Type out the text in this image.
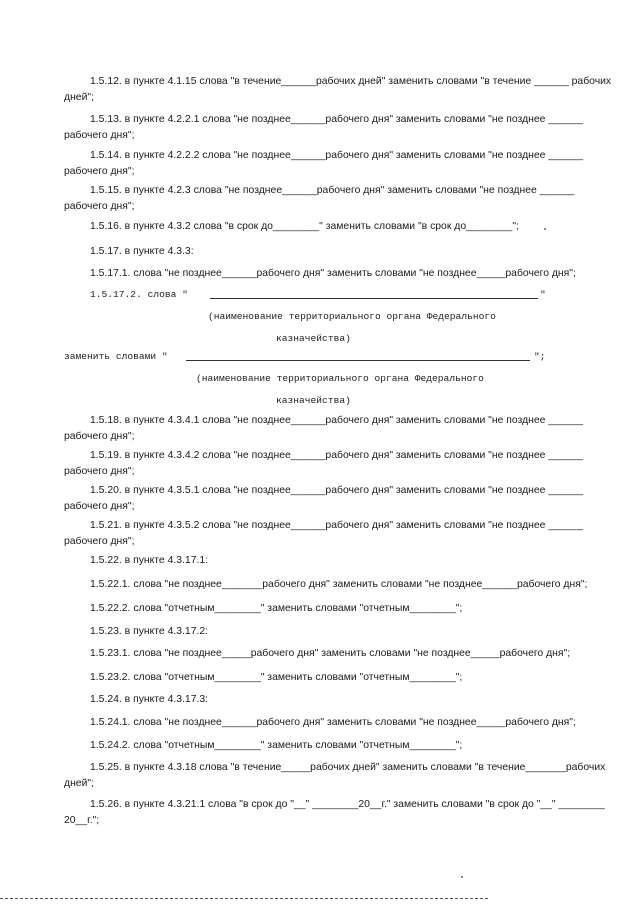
1.5.12. в пункте 4.1.15 слова "в течение______рабочих дней" заменить словами "в течение ______ рабочих дней";
1.5.13. в пункте 4.2.2.1 слова "не позднее______рабочего дня" заменить словами "не позднее ______ рабочего дня";
1.5.14. в пункте 4.2.2.2 слова "не позднее______рабочего дня" заменить словами "не позднее ______ рабочего дня";
1.5.15. в пункте 4.2.3 слова "не позднее______рабочего дня" заменить словами "не позднее ______ рабочего дня";
1.5.16. в пункте 4.3.2 слова "в срок до________" заменить словами "в срок до________";
1.5.17. в пункте 4.3.3:
1.5.17.1. слова "не позднее______рабочего дня" заменить словами "не позднее_____рабочего дня";
1.5.17.2. слова "	"
(наименование территориального органа Федерального
казначейства)
заменить словами "	";
(наименование территориального органа Федерального
казначейства)
1.5.18. в пункте 4.3.4.1 слова "не позднее______рабочего дня" заменить словами "не позднее ______ рабочего дня";
1.5.19. в пункте 4.3.4.2 слова "не позднее______рабочего дня" заменить словами "не позднее ______ рабочего дня";
1.5.20. в пункте 4.3.5.1 слова "не позднее______рабочего дня" заменить словами "не позднее ______ рабочего дня";
1.5.21. в пункте 4.3.5.2 слова "не позднее______рабочего дня" заменить словами "не позднее ______ рабочего дня";
1.5.22. в пункте 4.3.17.1:
1.5.22.1. слова "не позднее_______рабочего дня" заменить словами "не позднее______рабочего дня";
1.5.22.2. слова "отчетным________" заменить словами "отчетным________";
1.5.23. в пункте 4.3.17.2:
1.5.23.1. слова "не позднее_____рабочего дня" заменить словами "не позднее_____рабочего дня";
1.5.23.2. слова "отчетным________" заменить словами "отчетным________";
1.5.24. в пункте 4.3.17.3:
1.5.24.1. слова "не позднее______рабочего дня" заменить словами "не позднее_____рабочего дня";
1.5.24.2. слова "отчетным________" заменить словами "отчетным________";
1.5.25. в пункте 4.3.18 слова "в течение_____рабочих дней" заменить словами "в течение_______рабочих дней";
1.5.26. в пункте 4.3.21.1 слова "в срок до "__" ________20__г." заменить словами "в срок до "__" ________ 20__г.";
